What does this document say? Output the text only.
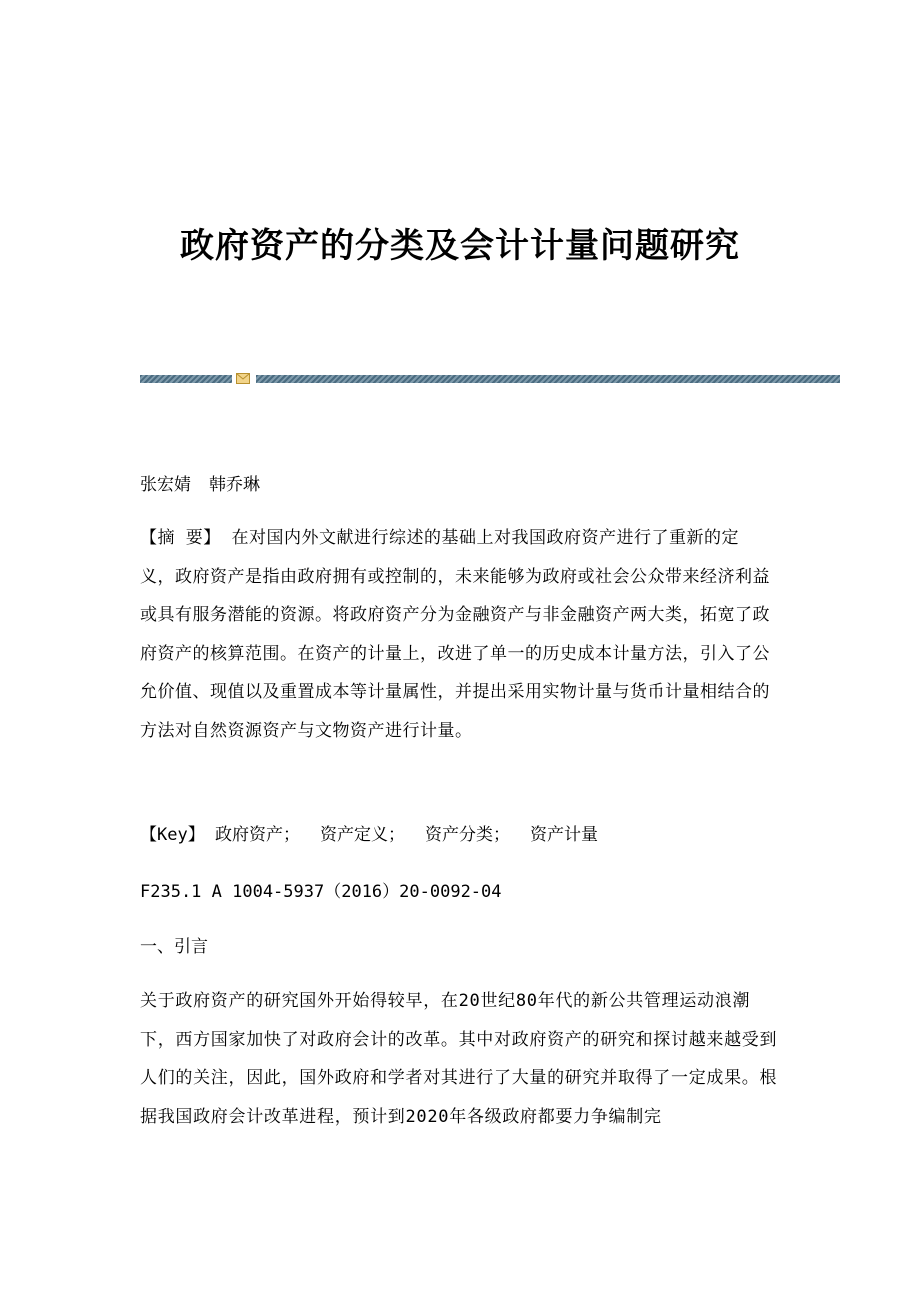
政府资产的分类及会计计量问题研究

张宏婧 韩乔琳

【摘 要】 在对国内外文献进行综述的基础上对我国政府资产进行了重新的定义，政府资产是指由政府拥有或控制的，未来能够为政府或社会公众带来经济利益或具有服务潜能的资源。将政府资产分为金融资产与非金融资产两大类，拓宽了政府资产的核算范围。在资产的计量上，改进了单一的历史成本计量方法，引入了公允价值、现值以及重置成本等计量属性，并提出采用实物计量与货币计量相结合的方法对自然资源资产与文物资产进行计量。

【Key】 政府资产； 资产定义； 资产分类； 资产计量

F235.1 A 1004-5937（2016）20-0092-04

一、引言

关于政府资产的研究国外开始得较早，在20世纪80年代的新公共管理运动浪潮下，西方国家加快了对政府会计的改革。其中对政府资产的研究和探讨越来越受到人们的关注，因此，国外政府和学者对其进行了大量的研究并取得了一定成果。根据我国政府会计改革进程，预计到2020年各级政府都要力争编制完
